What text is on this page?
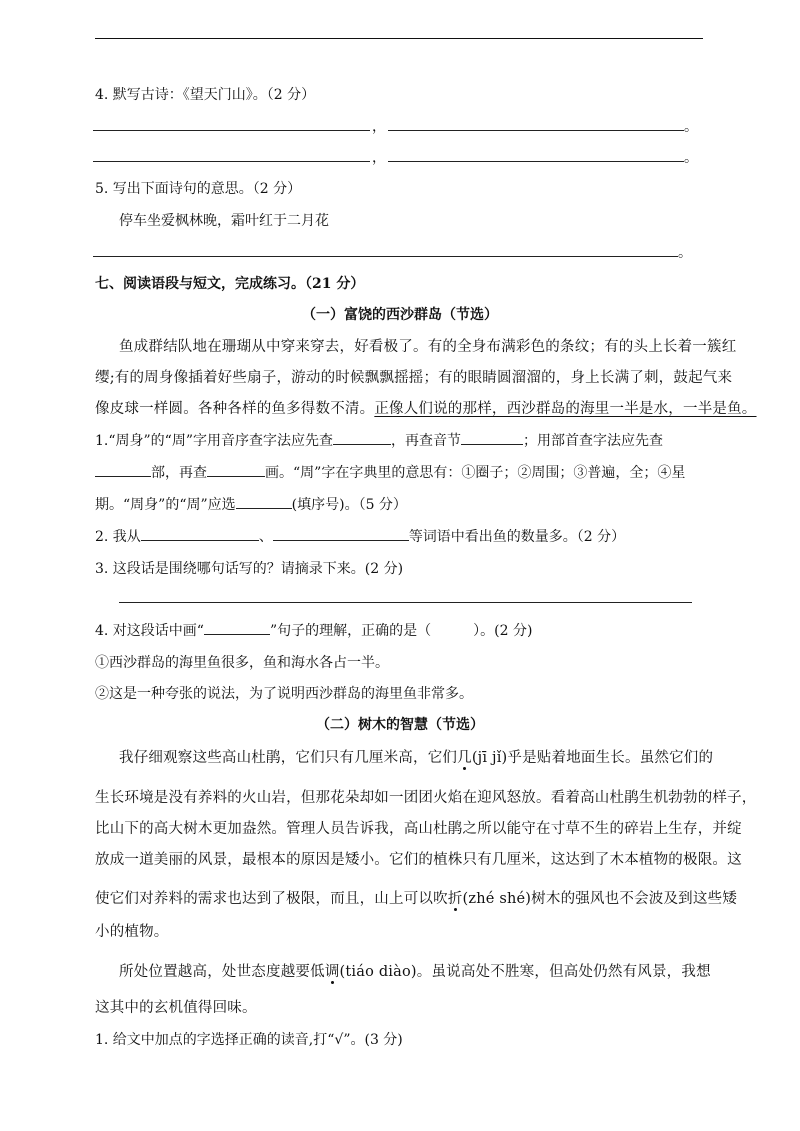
4. 默写古诗：《望天门山》。（2 分）
，	。
，	。
5. 写出下面诗句的意思。（2 分）
停车坐爱枫林晚，霜叶红于二月花
。
七、阅读语段与短文，完成练习。（21 分）
（一）富饶的西沙群岛（节选）
鱼成群结队地在珊瑚从中穿来穿去，好看极了。有的全身布满彩色的条纹；有的头上长着一簇红
缨;有的周身像插着好些扇子，游动的时候飘飘摇摇；有的眼睛圆溜溜的，身上长满了刺，鼓起气来
像皮球一样圆。各种各样的鱼多得数不清。正像人们说的那样，西沙群岛的海里一半是水，一半是鱼。
1.“周身”的“周”字用音序查字法应先查	，再查音节	；用部首查字法应先查
部，再查	画。“周”字在字典里的意思有：①圈子；②周围；③普遍，全；④星
期。“周身”的“周”应选	(填序号)。（5 分）
2. 我从	、	等词语中看出鱼的数量多。（2 分）
3. 这段话是围绕哪句话写的？请摘录下来。(2 分)
4. 对这段话中画“	”句子的理解，正确的是（	）。(2 分)
①西沙群岛的海里鱼很多，鱼和海水各占一半。
②这是一种夸张的说法，为了说明西沙群岛的海里鱼非常多。
（二）树木的智慧（节选）
我仔细观察这些高山杜鹃，它们只有几厘米高，它们几(jī jǐ)乎是贴着地面生长。虽然它们的
生长环境是没有养料的火山岩，但那花朵却如一团团火焰在迎风怒放。看着高山杜鹃生机勃勃的样子，
比山下的高大树木更加盎然。管理人员告诉我，高山杜鹃之所以能守在寸草不生的碎岩上生存，并绽
放成一道美丽的风景，最根本的原因是矮小。它们的植株只有几厘米，这达到了木本植物的极限。这
使它们对养料的需求也达到了极限，而且，山上可以吹折(zhé shé)树木的强风也不会波及到这些矮
小的植物。
所处位置越高，处世态度越要低调(tiáo diào)。虽说高处不胜寒，但高处仍然有风景，我想
这其中的玄机值得回味。
1. 给文中加点的字选择正确的读音,打“√”。(3 分)
